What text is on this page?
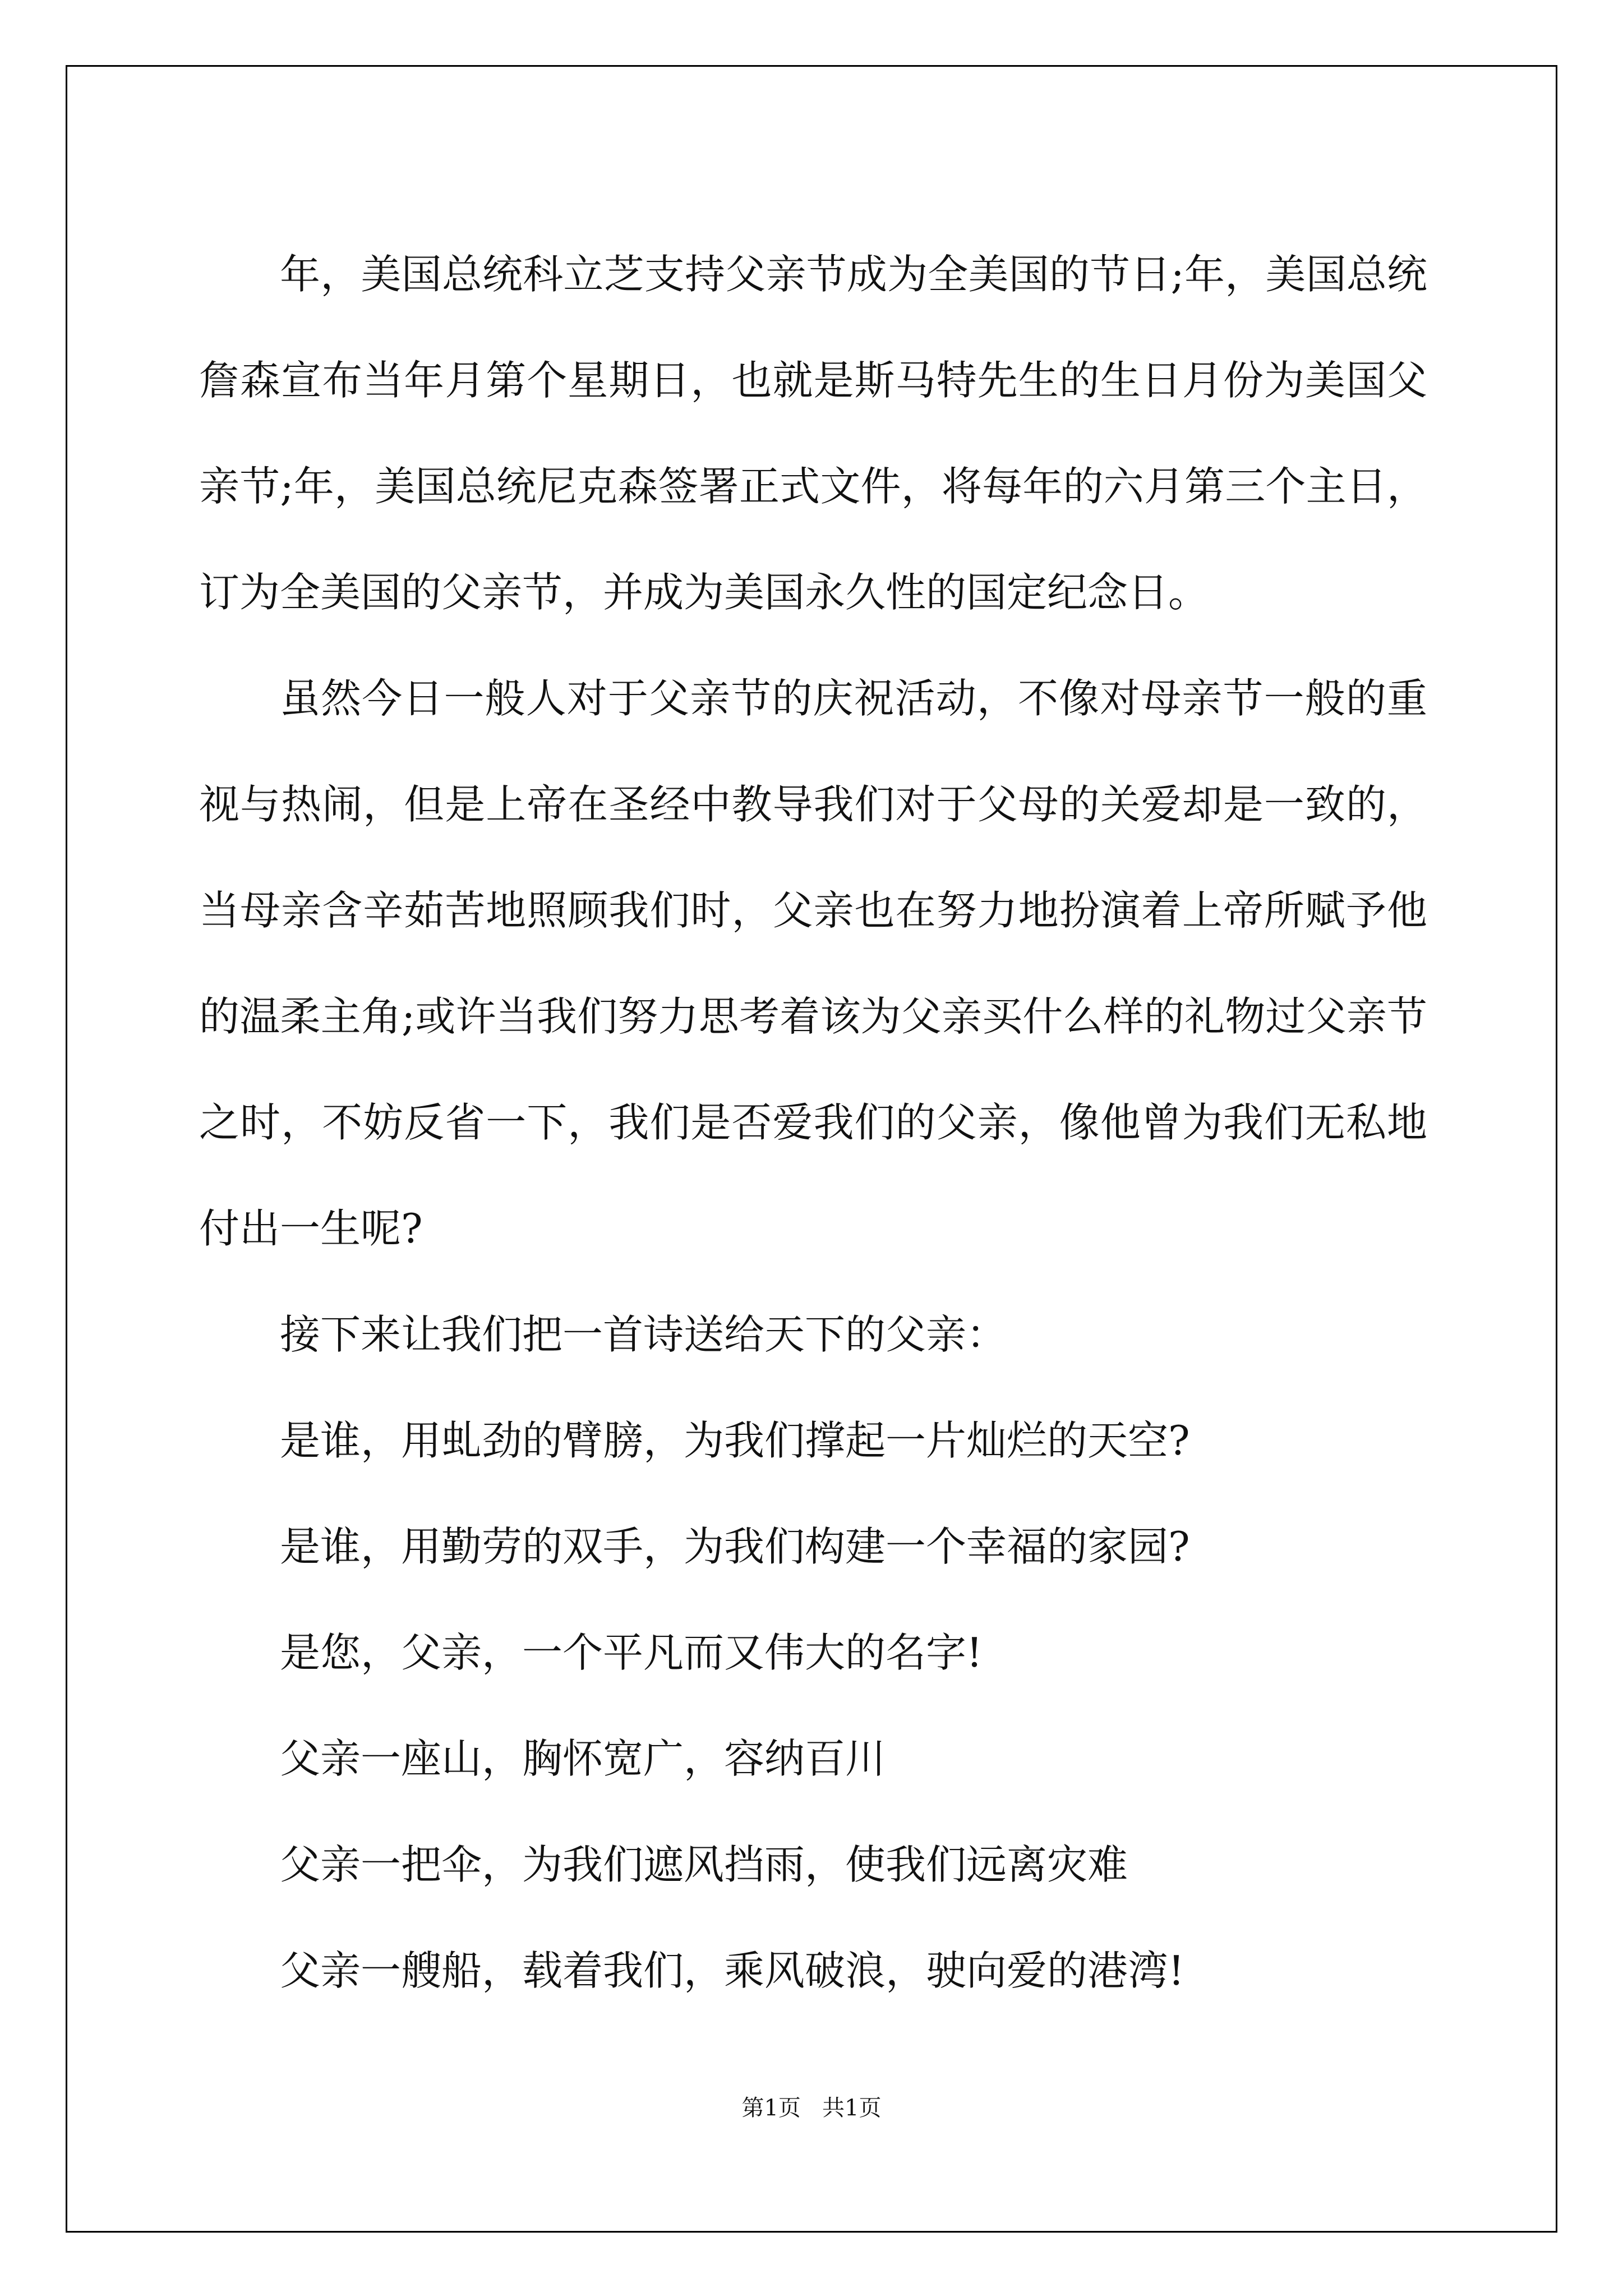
年，美国总统科立芝支持父亲节成为全美国的节日;年，美国总统詹森宣布当年月第个星期日，也就是斯马特先生的生日月份为美国父亲节;年，美国总统尼克森签署正式文件，将每年的六月第三个主日，订为全美国的父亲节，并成为美国永久性的国定纪念日。

虽然今日一般人对于父亲节的庆祝活动，不像对母亲节一般的重视与热闹，但是上帝在圣经中教导我们对于父母的关爱却是一致的，当母亲含辛茹苦地照顾我们时，父亲也在努力地扮演着上帝所赋予他的温柔主角;或许当我们努力思考着该为父亲买什么样的礼物过父亲节之时，不妨反省一下，我们是否爱我们的父亲，像他曾为我们无私地付出一生呢?

接下来让我们把一首诗送给天下的父亲：

是谁，用虬劲的臂膀，为我们撑起一片灿烂的天空?

是谁，用勤劳的双手，为我们构建一个幸福的家园?

是您，父亲，一个平凡而又伟大的名字!

父亲一座山，胸怀宽广，容纳百川

父亲一把伞，为我们遮风挡雨，使我们远离灾难

父亲一艘船，载着我们，乘风破浪，驶向爱的港湾!

第1页   共1页
